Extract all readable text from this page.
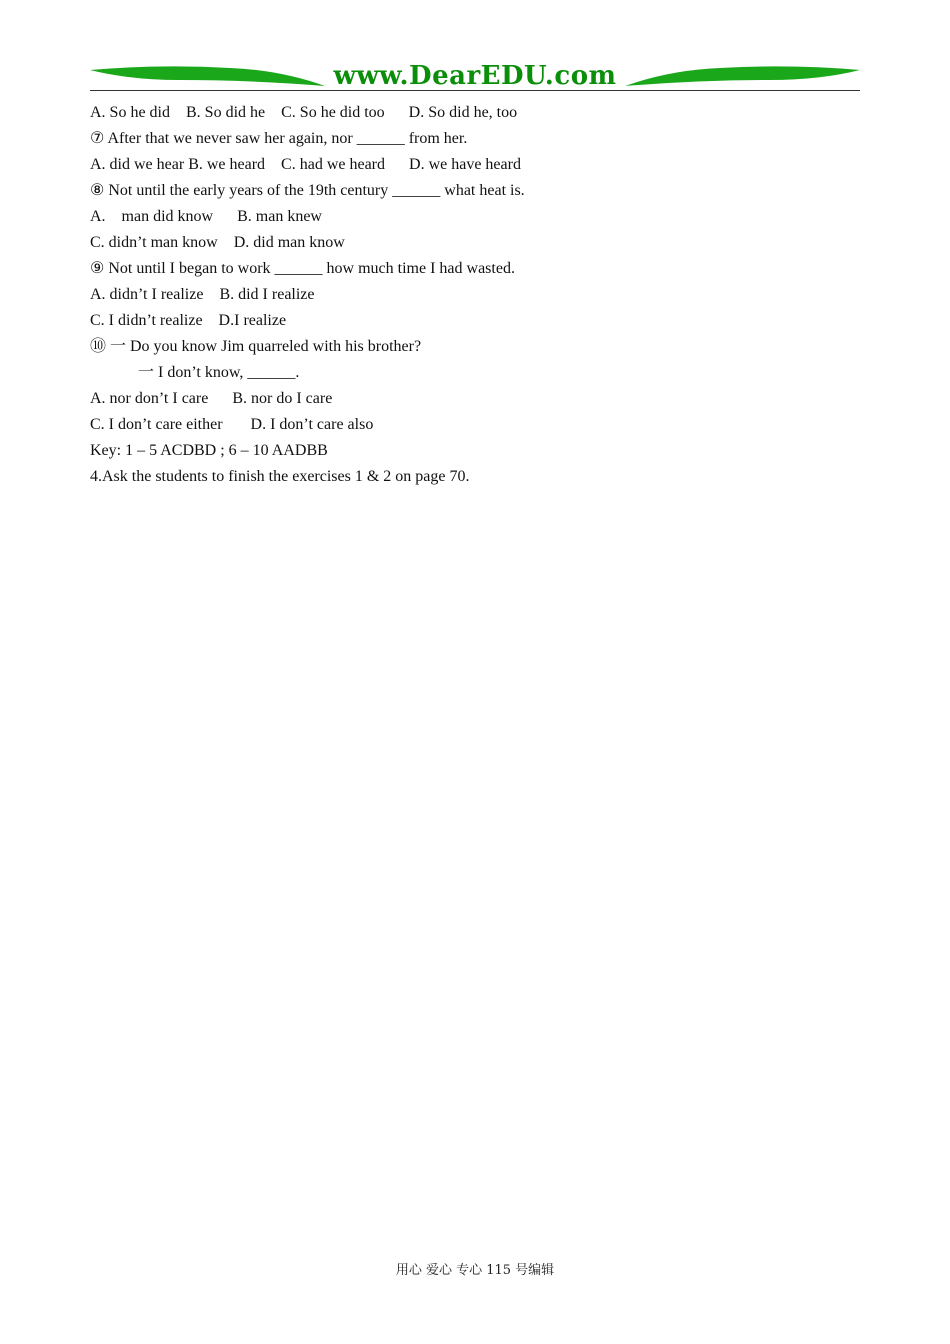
www.DearEDU.com
A. So he did    B. So did he    C. So he did too      D. So did he, too
⑦ After that we never saw her again, nor ______ from her.
A. did we hear B. we heard    C. had we heard      D. we have heard
⑧ Not until the early years of the 19th century ______ what heat is.
A.    man did know      B. man knew
C. didn’t man know    D. did man know
⑨ Not until I began to work ______ how much time I had wasted.
A. didn’t I realize    B. did I realize
C. I didn’t realize    D.I realize
⑩ 一 Do you know Jim quarreled with his brother?
一 I don’t know, ______.
A. nor don’t I care      B. nor do I care
C. I don’t care either       D. I don’t care also
Key: 1 – 5 ACDBD ; 6 – 10 AADBB
4.Ask the students to finish the exercises 1 & 2 on page 70.
用心 爱心 专心 115 号编辑
